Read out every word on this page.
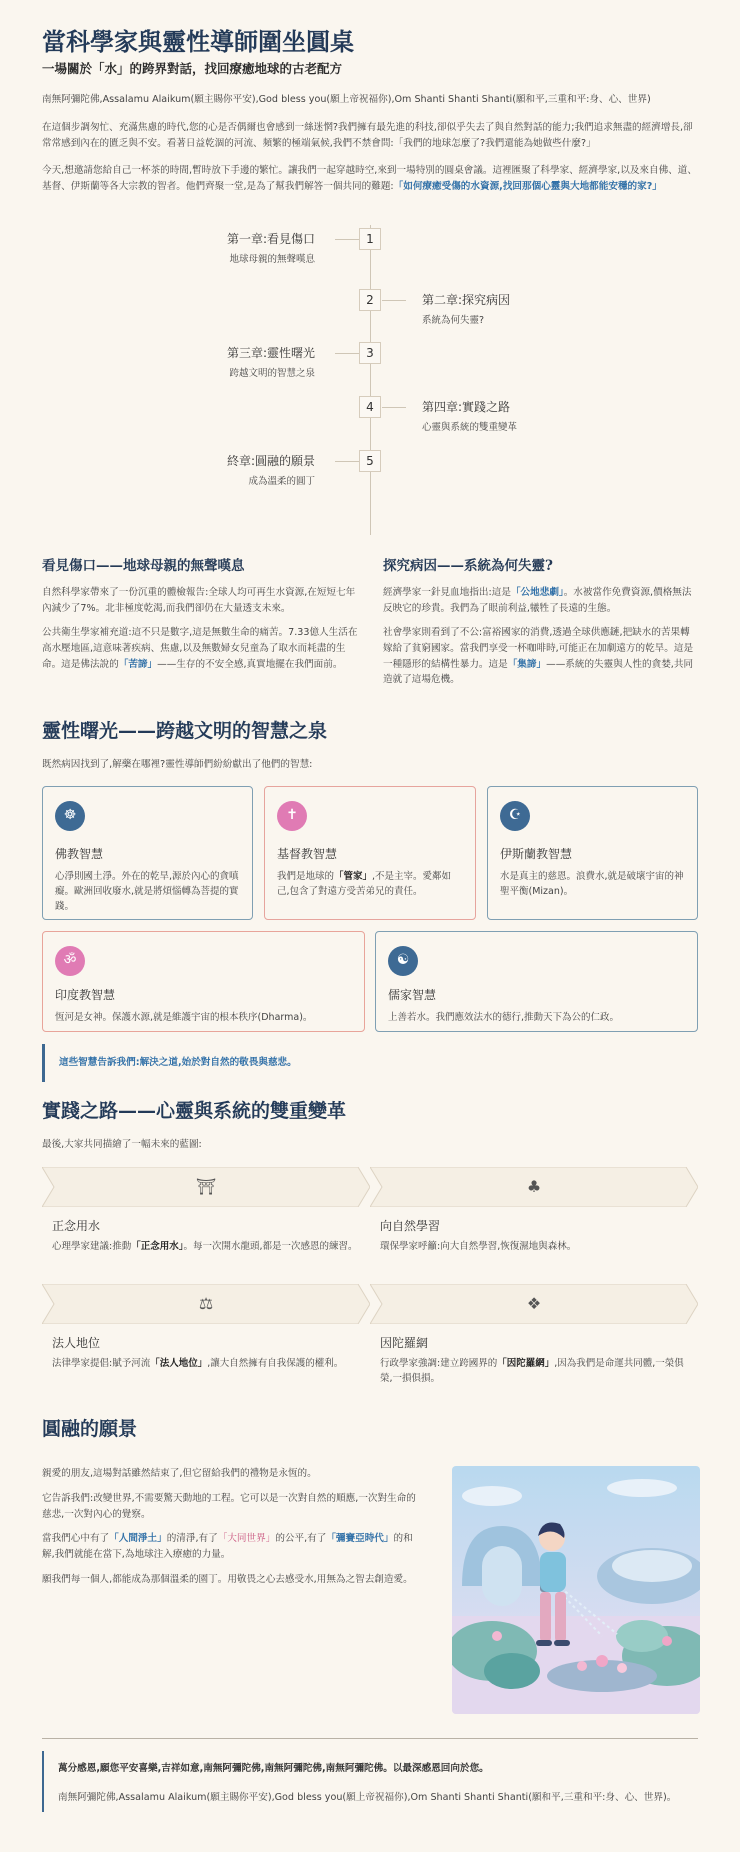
當科學家與靈性導師圍坐圓桌
一場關於「水」的跨界對話，找回療癒地球的古老配方

南無阿彌陀佛,Assalamu Alaikum(願主賜你平安),God bless you(願上帝祝福你),Om Shanti Shanti Shanti(願和平,三重和平:身、心、世界)

在這個步調匆忙、充滿焦慮的時代,您的心是否偶爾也會感到一絲迷惘?我們擁有最先進的科技,卻似乎失去了與自然對話的能力;我們追求無盡的經濟增長,卻常常感到內在的匱乏與不安。看著日益乾涸的河流、頻繁的極端氣候,我們不禁會問:「我們的地球怎麼了?我們還能為她做些什麼?」

今天,想邀請您給自己一杯茶的時間,暫時放下手邊的繁忙。讓我們一起穿越時空,來到一場特別的圓桌會議。這裡匯聚了科學家、經濟學家,以及來自佛、道、基督、伊斯蘭等各大宗教的智者。他們齊聚一堂,是為了幫我們解答一個共同的難題:「如何療癒受傷的水資源,找回那個心靈與大地都能安穩的家?」

1
第一章:看見傷口
地球母親的無聲嘆息
2	第二章:探究病因
系統為何失靈?
3
第三章:靈性曙光
跨越文明的智慧之泉
4	第四章:實踐之路
心靈與系統的雙重變革
5
終章:圓融的願景
成為溫柔的圓丁
看見傷口——地球母親的無聲嘆息

自然科學家帶來了一份沉重的體檢報告:全球人均可再生水資源,在短短七年內減少了7%。北非極度乾渴,而我們卻仍在大量透支未來。

公共衛生學家補充道:這不只是數字,這是無數生命的痛苦。7.33億人生活在高水壓地區,這意味著疾病、焦慮,以及無數婦女兒童為了取水而耗盡的生命。這是佛法說的「苦諦」——生存的不安全感,真實地擺在我們面前。

探究病因——系統為何失靈?

經濟學家一針見血地指出:這是「公地悲劇」。水被當作免費資源,價格無法反映它的珍貴。我們為了眼前利益,犧牲了長遠的生態。

社會學家則看到了不公:富裕國家的消費,透過全球供應鏈,把缺水的苦果轉嫁給了貧窮國家。當我們享受一杯咖啡時,可能正在加劇遠方的乾旱。這是一種隱形的結構性暴力。這是「集諦」——系統的失靈與人性的貪婪,共同造就了這場危機。

靈性曙光——跨越文明的智慧之泉

既然病因找到了,解藥在哪裡?靈性導師們紛紛獻出了他們的智慧:

☸
佛教智慧
心淨則國土淨。外在的乾旱,源於內心的貪嗔癡。歐洲回收廢水,就是將煩惱轉為菩提的實踐。
✝
基督教智慧
我們是地球的「管家」,不是主宰。愛鄰如己,包含了對遠方受苦弟兄的責任。
☪
伊斯蘭教智慧
水是真主的慈恩。浪費水,就是破壞宇宙的神聖平衡(Mizan)。
ॐ
印度教智慧
恆河是女神。保護水源,就是維護宇宙的根本秩序(Dharma)。
☯
儒家智慧
上善若水。我們應效法水的德行,推動天下為公的仁政。
這些智慧告訴我們:解決之道,始於對自然的敬畏與慈悲。
實踐之路——心靈與系統的雙重變革

最後,大家共同描繪了一幅未來的藍圖:

⛩
正念用水
心理學家建議:推動「正念用水」。每一次開水龍頭,都是一次感恩的練習。
♣
向自然學習
環保學家呼籲:向大自然學習,恢復濕地與森林。
⚖
法人地位
法律學家提倡:賦予河流「法人地位」,讓大自然擁有自我保護的權利。
❖
因陀羅網
行政學家強調:建立跨國界的「因陀羅網」,因為我們是命運共同體,一榮俱榮,一損俱損。
圓融的願景

親愛的朋友,這場對話雖然結束了,但它留給我們的禮物是永恆的。

它告訴我們:改變世界,不需要驚天動地的工程。它可以是一次對自然的順應,一次對生命的慈悲,一次對內心的覺察。

當我們心中有了「人間淨土」的清淨,有了「大同世界」的公平,有了「彌賽亞時代」的和解,我們就能在當下,為地球注入療癒的力量。

願我們每一個人,都能成為那個溫柔的園丁。用敬畏之心去感受水,用無為之智去創造愛。

萬分感恩,願您平安喜樂,吉祥如意,南無阿彌陀佛,南無阿彌陀佛,南無阿彌陀佛。以最深感恩回向於您。
南無阿彌陀佛,Assalamu Alaikum(願主賜你平安),God bless you(願上帝祝福你),Om Shanti Shanti Shanti(願和平,三重和平:身、心、世界)。
